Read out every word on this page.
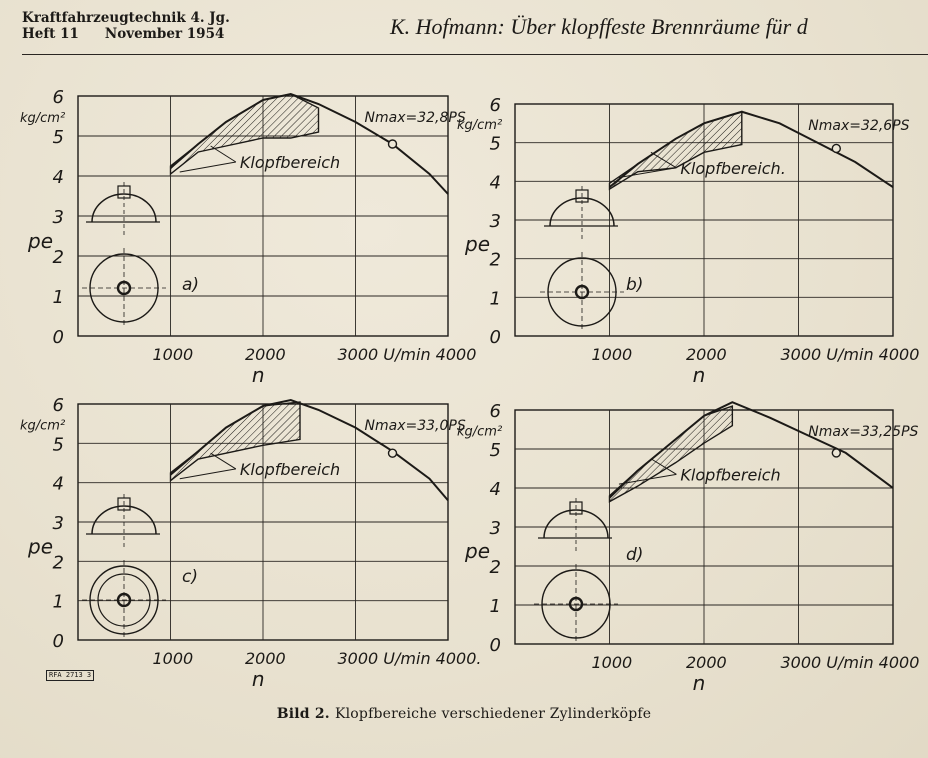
Kraftfahrzeugtechnik 4. Jg.
Heft 11 November 1954	K. Hofmann: Über klopffeste Brennräume für d
0
1
2
3
4
5
6
1000	2000	3000 U/min 4000
n
pe
kg/cm²	Nmax=32,8PS
Klopfbereich
a)
0
1
2
3
4
5
6
1000	2000	3000 U/min 4000
n
pe
kg/cm²	Nmax=32,6PS
Klopfbereich.
b)
0
1
2
3
4
5
6
1000	2000	3000 U/min 4000.
n
pe
kg/cm²	Nmax=33,0PS
Klopfbereich
c)
0
1
2
3
4
5
6
1000	2000	3000 U/min 4000
n
pe
kg/cm²	Nmax=33,25PS
Klopfbereich
d)
RFA 2713 3
Bild 2. Klopfbereiche verschiedener Zylinderköpfe
